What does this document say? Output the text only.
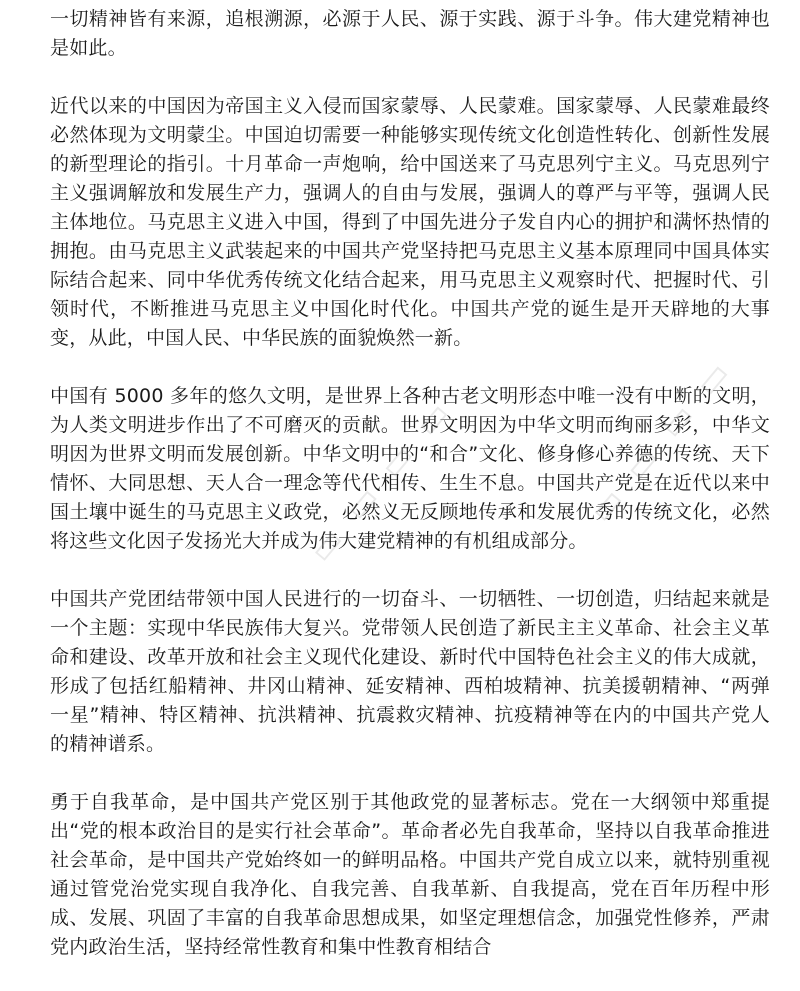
一切精神皆有来源，追根溯源，必源于人民、源于实践、源于斗争。伟大建党精神也是如此。

近代以来的中国因为帝国主义入侵而国家蒙辱、人民蒙难。国家蒙辱、人民蒙难最终必然体现为文明蒙尘。中国迫切需要一种能够实现传统文化创造性转化、创新性发展的新型理论的指引。十月革命一声炮响，给中国送来了马克思列宁主义。马克思列宁主义强调解放和发展生产力，强调人的自由与发展，强调人的尊严与平等，强调人民主体地位。马克思主义进入中国，得到了中国先进分子发自内心的拥护和满怀热情的拥抱。由马克思主义武装起来的中国共产党坚持把马克思主义基本原理同中国具体实际结合起来、同中华优秀传统文化结合起来，用马克思主义观察时代、把握时代、引领时代，不断推进马克思主义中国化时代化。中国共产党的诞生是开天辟地的大事变，从此，中国人民、中华民族的面貌焕然一新。

中国有 5000 多年的悠久文明，是世界上各种古老文明形态中唯一没有中断的文明，为人类文明进步作出了不可磨灭的贡献。世界文明因为中华文明而绚丽多彩，中华文明因为世界文明而发展创新。中华文明中的“和合”文化、修身修心养德的传统、天下情怀、大同思想、天人合一理念等代代相传、生生不息。中国共产党是在近代以来中国土壤中诞生的马克思主义政党，必然义无反顾地传承和发展优秀的传统文化，必然将这些文化因子发扬光大并成为伟大建党精神的有机组成部分。

中国共产党团结带领中国人民进行的一切奋斗、一切牺牲、一切创造，归结起来就是一个主题：实现中华民族伟大复兴。党带领人民创造了新民主主义革命、社会主义革命和建设、改革开放和社会主义现代化建设、新时代中国特色社会主义的伟大成就，形成了包括红船精神、井冈山精神、延安精神、西柏坡精神、抗美援朝精神、“两弹一星”精神、特区精神、抗洪精神、抗震救灾精神、抗疫精神等在内的中国共产党人的精神谱系。

勇于自我革命，是中国共产党区别于其他政党的显著标志。党在一大纲领中郑重提出“党的根本政治目的是实行社会革命”。革命者必先自我革命，坚持以自我革命推进社会革命，是中国共产党始终如一的鲜明品格。中国共产党自成立以来，就特别重视通过管党治党实现自我净化、自我完善、自我革新、自我提高，党在百年历程中形成、发展、巩固了丰富的自我革命思想成果，如坚定理想信念，加强党性修养，严肃党内政治生活，坚持经常性教育和集中性教育相结合

▭ ▭ ▭ ▭	▭ ▭ ▭ ▭
